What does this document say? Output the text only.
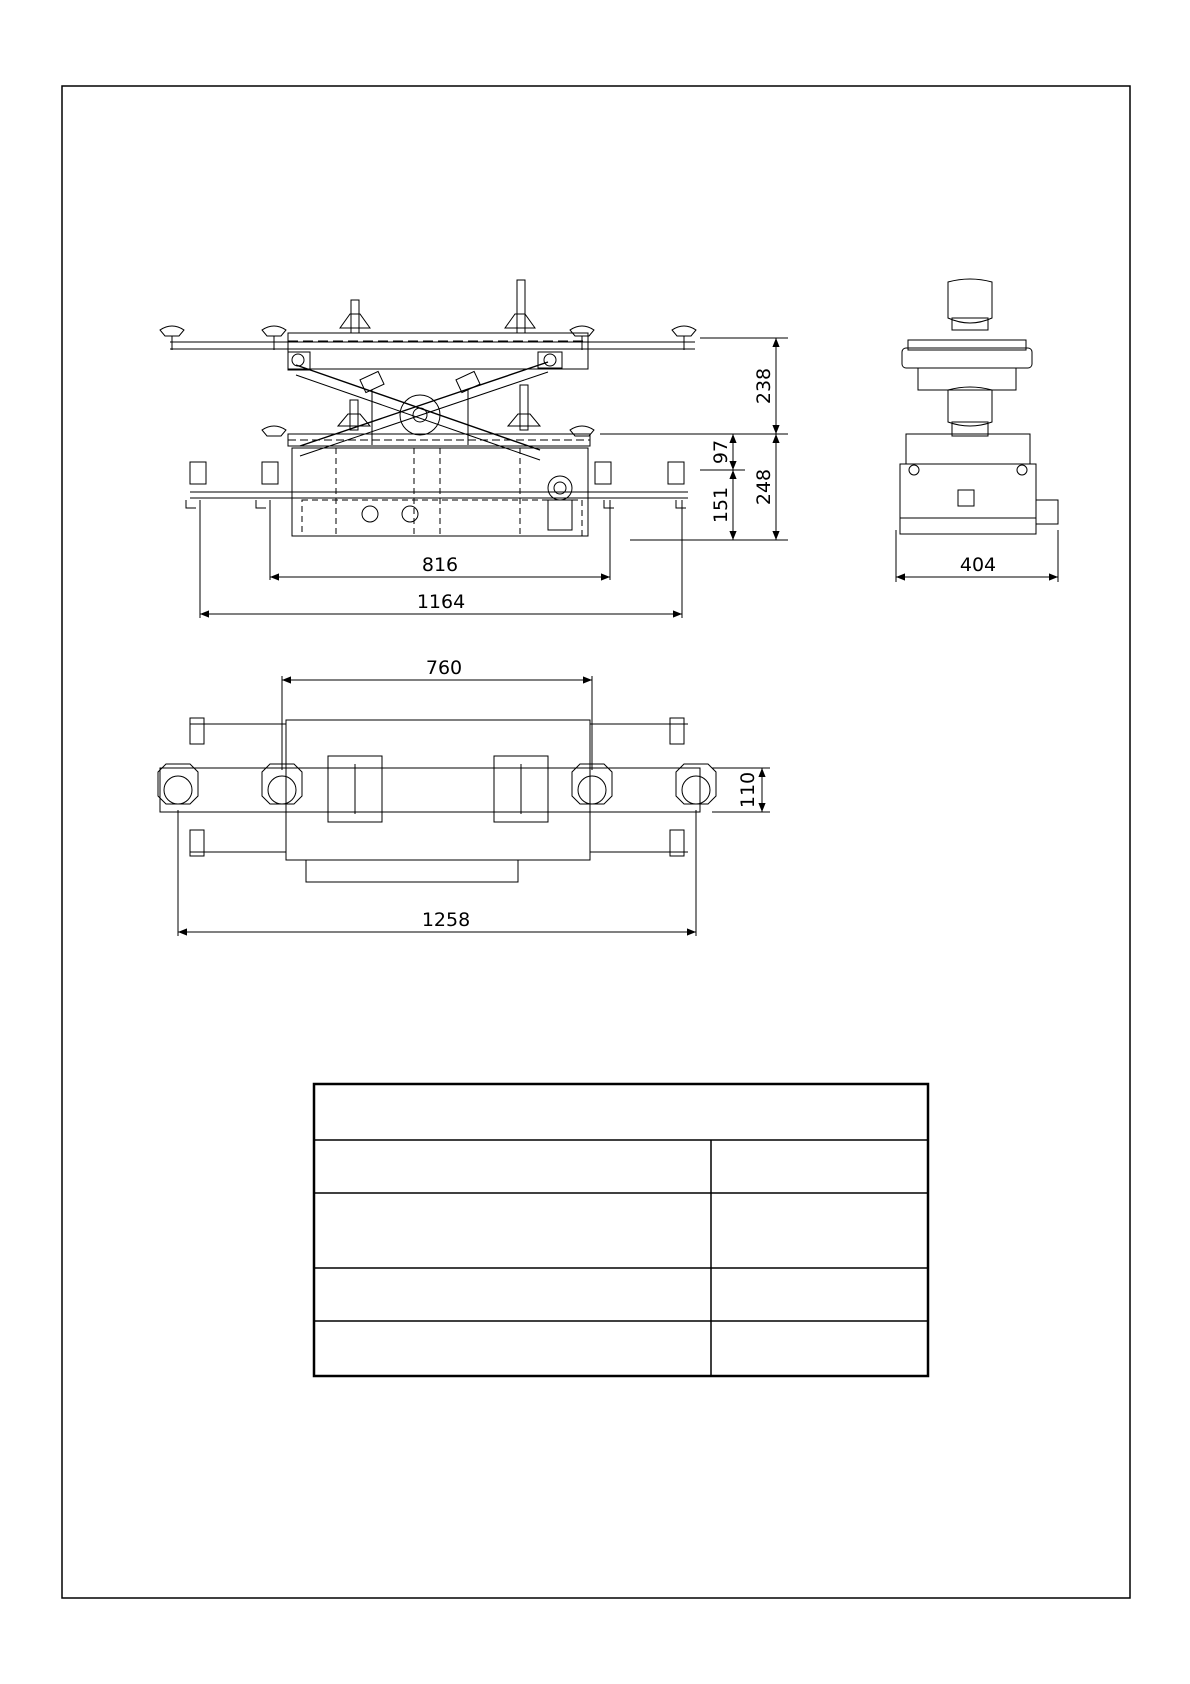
816
1164
238
248
97
151
404
760
1258
110
